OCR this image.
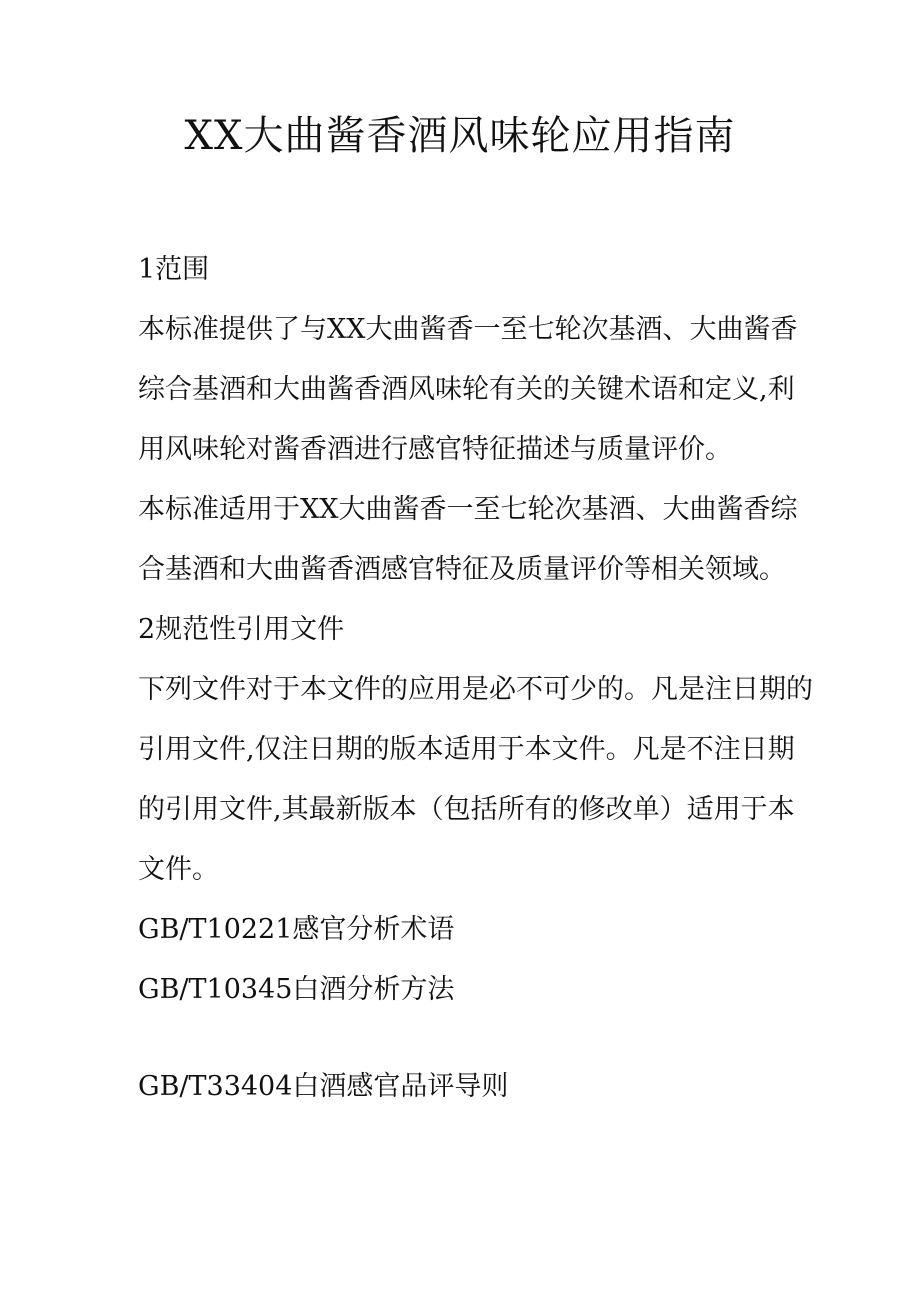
XX大曲酱香酒风味轮应用指南
1范围
本标准提供了与XX大曲酱香一至七轮次基酒、大曲酱香
综合基酒和大曲酱香酒风味轮有关的关键术语和定义,利
用风味轮对酱香酒进行感官特征描述与质量评价。
本标准适用于XX大曲酱香一至七轮次基酒、大曲酱香综
合基酒和大曲酱香酒感官特征及质量评价等相关领域。
2规范性引用文件
下列文件对于本文件的应用是必不可少的。凡是注日期的
引用文件,仅注日期的版本适用于本文件。凡是不注日期
的引用文件,其最新版本（包括所有的修改单）适用于本
文件。
GB/T10221感官分析术语
GB/T10345白酒分析方法
GB/T33404白酒感官品评导则
